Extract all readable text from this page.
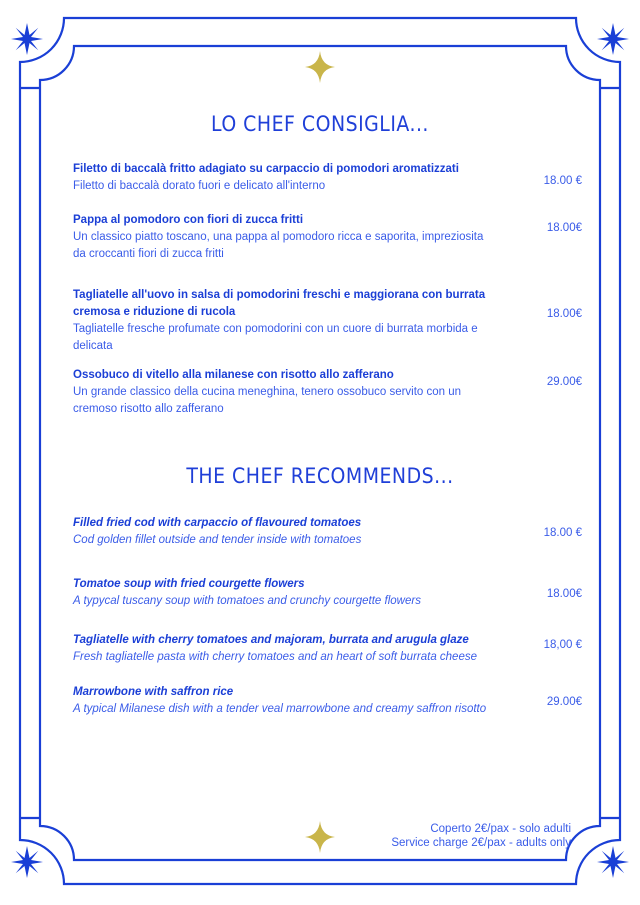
LO CHEF CONSIGLIA...
Filetto di baccalà fritto adagiato su carpaccio di pomodori aromatizzati
Filetto di baccalà dorato fuori e delicato all'interno	18.00 €
Pappa al pomodoro con fiori di zucca fritti
Un classico piatto toscano, una pappa al pomodoro ricca e saporita, impreziosita da croccanti fiori di zucca fritti
18.00€
Tagliatelle all'uovo in salsa di pomodorini freschi e maggiorana con burrata cremosa e riduzione di rucola
Tagliatelle fresche profumate con pomodorini con un cuore di burrata morbida e delicata
18.00€
Ossobuco di vitello alla milanese con risotto allo zafferano
Un grande classico della cucina meneghina, tenero ossobuco servito con un cremoso risotto allo zafferano
29.00€
THE CHEF RECOMMENDS...
Filled fried cod with carpaccio of flavoured tomatoes
Cod golden fillet outside and tender inside with tomatoes
18.00 €
Tomatoe soup with fried courgette flowers
A typycal tuscany soup with tomatoes and crunchy courgette flowers
18.00€
Tagliatelle with cherry tomatoes and majoram, burrata and arugula glaze
Fresh tagliatelle pasta with cherry tomatoes and an heart of soft burrata cheese
18,00 €
Marrowbone with saffron rice
A typical Milanese dish with a tender veal marrowbone and creamy saffron risotto
29.00€
Coperto 2€/pax - solo adulti
Service charge 2€/pax - adults only
